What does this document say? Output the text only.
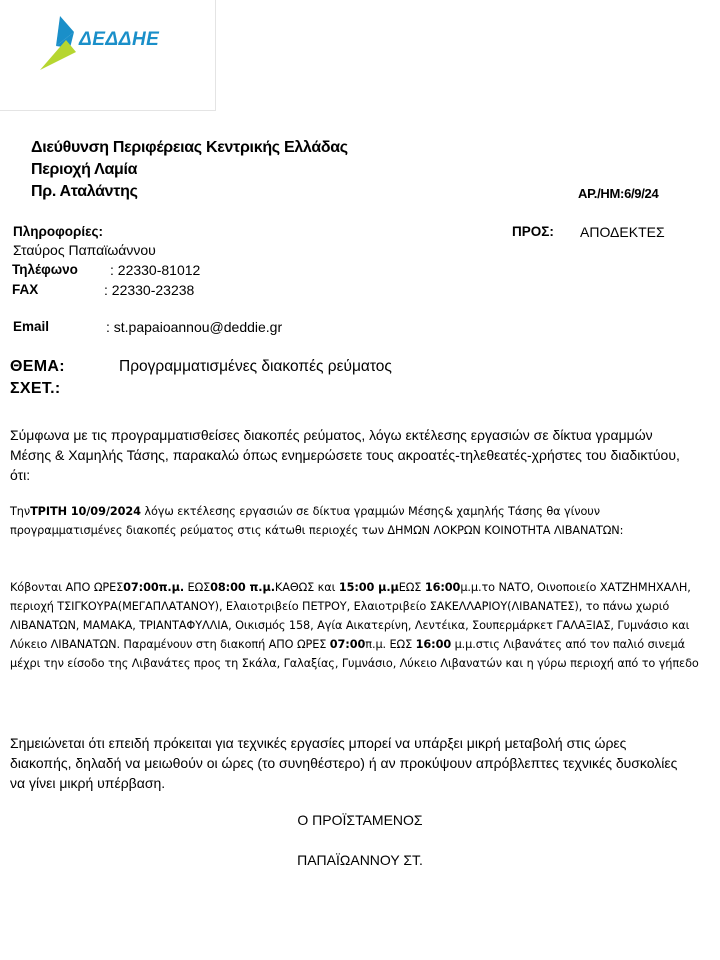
ΔΕΔΔΗΕ
Διεύθυνση Περιφέρειας Κεντρικής Ελλάδας
Περιοχή Λαμία
Πρ. Αταλάντης	ΑΡ./ΗΜ:6/9/24
Πληροφορίες:
Σταύρος Παπαϊωάννου
Τηλέφωνο : 22330-81012
FAX	: 22330-23238
Email	: st.papaioannou@deddie.gr
ΠΡΟΣ: ΑΠΟΔΕΚΤΕΣ
ΘΕΜΑ:	Προγραμματισμένες διακοπές ρεύματος
ΣΧΕΤ.:
Σύμφωνα με τις προγραμματισθείσες διακοπές ρεύματος, λόγω εκτέλεσης εργασιών σε δίκτυα γραμμών Μέσης & Χαμηλής Τάσης, παρακαλώ όπως ενημερώσετε τους ακροατές-τηλεθεατές-χρήστες του διαδικτύου, ότι:
ΤηνΤΡΙΤΗ 10/09/2024 λόγω εκτέλεσης εργασιών σε δίκτυα γραμμών Μέσης& χαμηλής Τάσης θα γίνουν προγραμματισμένες διακοπές ρεύματος στις κάτωθι περιοχές των ΔΗΜΩΝ ΛΟΚΡΩΝ ΚΟΙΝΟΤΗΤΑ ΛΙΒΑΝΑΤΩΝ:
Κόβονται ΑΠΟ ΩΡΕΣ07:00π.μ. ΕΩΣ08:00 π.μ.ΚΑΘΩΣ και 15:00 μ.μΕΩΣ 16:00μ.μ.το ΝΑΤΟ, Οινοποιείο ΧΑΤΖΗΜΗΧΑΛΗ, περιοχή ΤΣΙΓΚΟΥΡΑ(ΜΕΓΑΠΛΑΤΑΝΟΥ), Ελαιοτριβείο ΠΕΤΡΟΥ, Ελαιοτριβείο ΣΑΚΕΛΛΑΡΙΟΥ(ΛΙΒΑΝΑΤΕΣ), το πάνω χωριό ΛΙΒΑΝΑΤΩΝ, ΜΑΜΑΚΑ, ΤΡΙΑΝΤΑΦΥΛΛΙΑ, Οικισμός 158, Αγία Αικατερίνη, Λεντέικα, Σουπερμάρκετ ΓΑΛΑΞΙΑΣ, Γυμνάσιο και Λύκειο ΛΙΒΑΝΑΤΩΝ. Παραμένουν στη διακοπή ΑΠΟ ΩΡΕΣ 07:00π.μ. ΕΩΣ 16:00 μ.μ.στις Λιβανάτες από τον παλιό σινεμά μέχρι την είσοδο της Λιβανάτες προς τη Σκάλα, Γαλαξίας, Γυμνάσιο, Λύκειο Λιβανατών και η γύρω περιοχή από το γήπεδο
Σημειώνεται ότι επειδή πρόκειται για τεχνικές εργασίες μπορεί να υπάρξει μικρή μεταβολή στις ώρες διακοπής, δηλαδή να μειωθούν οι ώρες (το συνηθέστερο) ή αν προκύψουν απρόβλεπτες τεχνικές δυσκολίες να γίνει μικρή υπέρβαση.
Ο ΠΡΟΪΣΤΑΜΕΝΟΣ
ΠΑΠΑΪΩΑΝΝΟΥ ΣΤ.
